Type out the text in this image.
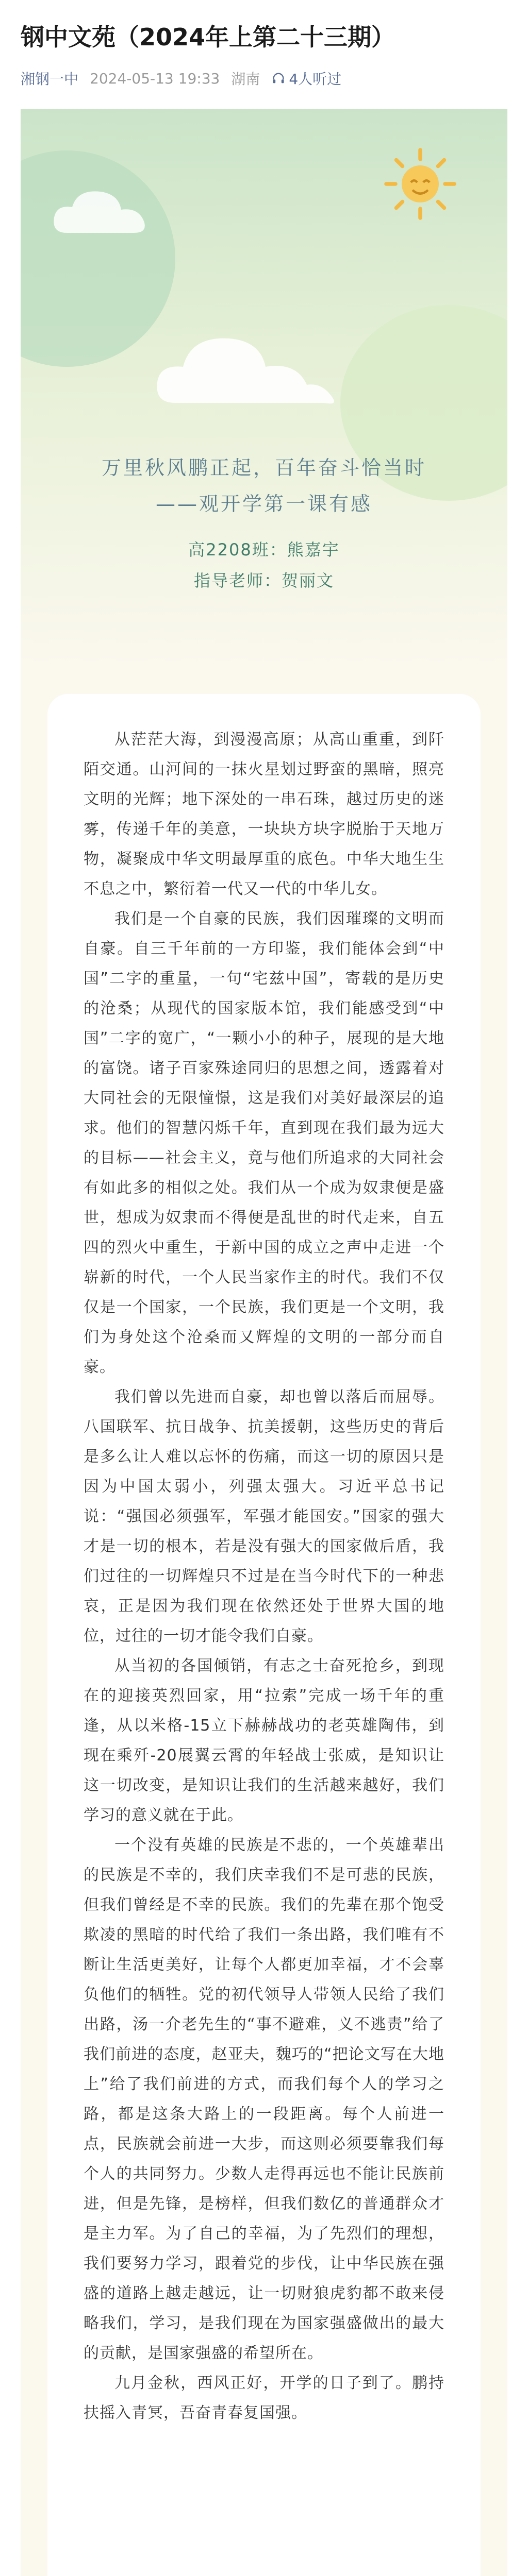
钢中文苑（2024年上第二十三期）
湘钢一中 2024-05-13 19:33 湖南 4人听过
万里秋风鹏正起，百年奋斗恰当时
——观开学第一课有感
高2208班：熊嘉宇
指导老师：贺丽文

从茫茫大海，到漫漫高原；从高山重重，到阡陌交通。山河间的一抹火星划过野蛮的黑暗，照亮文明的光辉；地下深处的一串石珠，越过历史的迷雾，传递千年的美意，一块块方块字脱胎于天地万物，凝聚成中华文明最厚重的底色。中华大地生生不息之中，繁衍着一代又一代的中华儿女。

我们是一个自豪的民族，我们因璀璨的文明而自豪。自三千年前的一方印鉴，我们能体会到“中国”二字的重量，一句“宅兹中国”，寄载的是历史的沧桑；从现代的国家版本馆，我们能感受到“中国”二字的宽广，“一颗小小的种子，展现的是大地的富饶。诸子百家殊途同归的思想之间，透露着对大同社会的无限憧憬，这是我们对美好最深层的追求。他们的智慧闪烁千年，直到现在我们最为远大的目标——社会主义，竟与他们所追求的大同社会有如此多的相似之处。我们从一个成为奴隶便是盛世，想成为奴隶而不得便是乱世的时代走来，自五四的烈火中重生，于新中国的成立之声中走进一个崭新的时代，一个人民当家作主的时代。我们不仅仅是一个国家，一个民族，我们更是一个文明，我们为身处这个沧桑而又辉煌的文明的一部分而自豪。

我们曾以先进而自豪，却也曾以落后而屈辱。八国联军、抗日战争、抗美援朝，这些历史的背后是多么让人难以忘怀的伤痛，而这一切的原因只是因为中国太弱小，列强太强大。习近平总书记说：“强国必须强军，军强才能国安。”国家的强大才是一切的根本，若是没有强大的国家做后盾，我们过往的一切辉煌只不过是在当今时代下的一种悲哀，正是因为我们现在依然还处于世界大国的地位，过往的一切才能令我们自豪。

从当初的各国倾销，有志之士奋死抢乡，到现在的迎接英烈回家，用“拉索”完成一场千年的重逢，从以米格-15立下赫赫战功的老英雄陶伟，到现在乘歼-20展翼云霄的年轻战士张威，是知识让这一切改变，是知识让我们的生活越来越好，我们学习的意义就在于此。

一个没有英雄的民族是不悲的，一个英雄辈出的民族是不幸的，我们庆幸我们不是可悲的民族，但我们曾经是不幸的民族。我们的先辈在那个饱受欺凌的黑暗的时代给了我们一条出路，我们唯有不断让生活更美好，让每个人都更加幸福，才不会辜负他们的牺牲。党的初代领导人带领人民给了我们出路，汤一介老先生的“事不避难，义不逃责”给了我们前进的态度，赵亚夫，魏巧的“把论文写在大地上”给了我们前进的方式，而我们每个人的学习之路，都是这条大路上的一段距离。每个人前进一点，民族就会前进一大步，而这则必须要靠我们每个人的共同努力。少数人走得再远也不能让民族前进，但是先锋，是榜样，但我们数亿的普通群众才是主力军。为了自己的幸福，为了先烈们的理想，我们要努力学习，跟着党的步伐，让中华民族在强盛的道路上越走越远，让一切财狼虎豹都不敢来侵略我们，学习，是我们现在为国家强盛做出的最大的贡献，是国家强盛的希望所在。

九月金秋，西风正好，开学的日子到了。鹏持扶摇入青冥，吾奋青春复国强。
